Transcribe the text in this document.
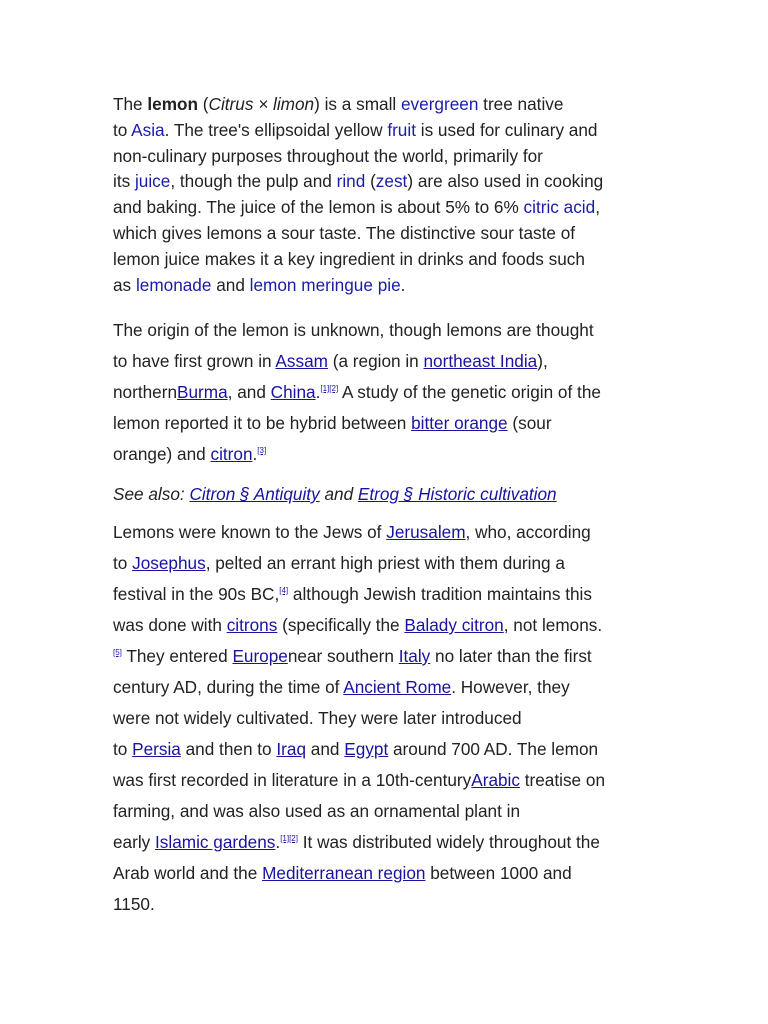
The lemon (Citrus × limon) is a small evergreen tree native
to Asia. The tree's ellipsoidal yellow fruit is used for culinary and
non-culinary purposes throughout the world, primarily for
its juice, though the pulp and rind (zest) are also used in cooking
and baking. The juice of the lemon is about 5% to 6% citric acid,
which gives lemons a sour taste. The distinctive sour taste of
lemon juice makes it a key ingredient in drinks and foods such
as lemonade and lemon meringue pie.

The origin of the lemon is unknown, though lemons are thought
to have first grown in Assam (a region in northeast India),
northernBurma, and China.[1][2] A study of the genetic origin of the
lemon reported it to be hybrid between bitter orange (sour
orange) and citron.[3]

See also: Citron § Antiquity and Etrog § Historic cultivation

Lemons were known to the Jews of Jerusalem, who, according
to Josephus, pelted an errant high priest with them during a
festival in the 90s BC,[4] although Jewish tradition maintains this
was done with citrons (specifically the Balady citron, not lemons.
[5] They entered Europenear southern Italy no later than the first
century AD, during the time of Ancient Rome. However, they
were not widely cultivated. They were later introduced
to Persia and then to Iraq and Egypt around 700 AD. The lemon
was first recorded in literature in a 10th-centuryArabic treatise on
farming, and was also used as an ornamental plant in
early Islamic gardens.[1][2] It was distributed widely throughout the
Arab world and the Mediterranean region between 1000 and
1150.
